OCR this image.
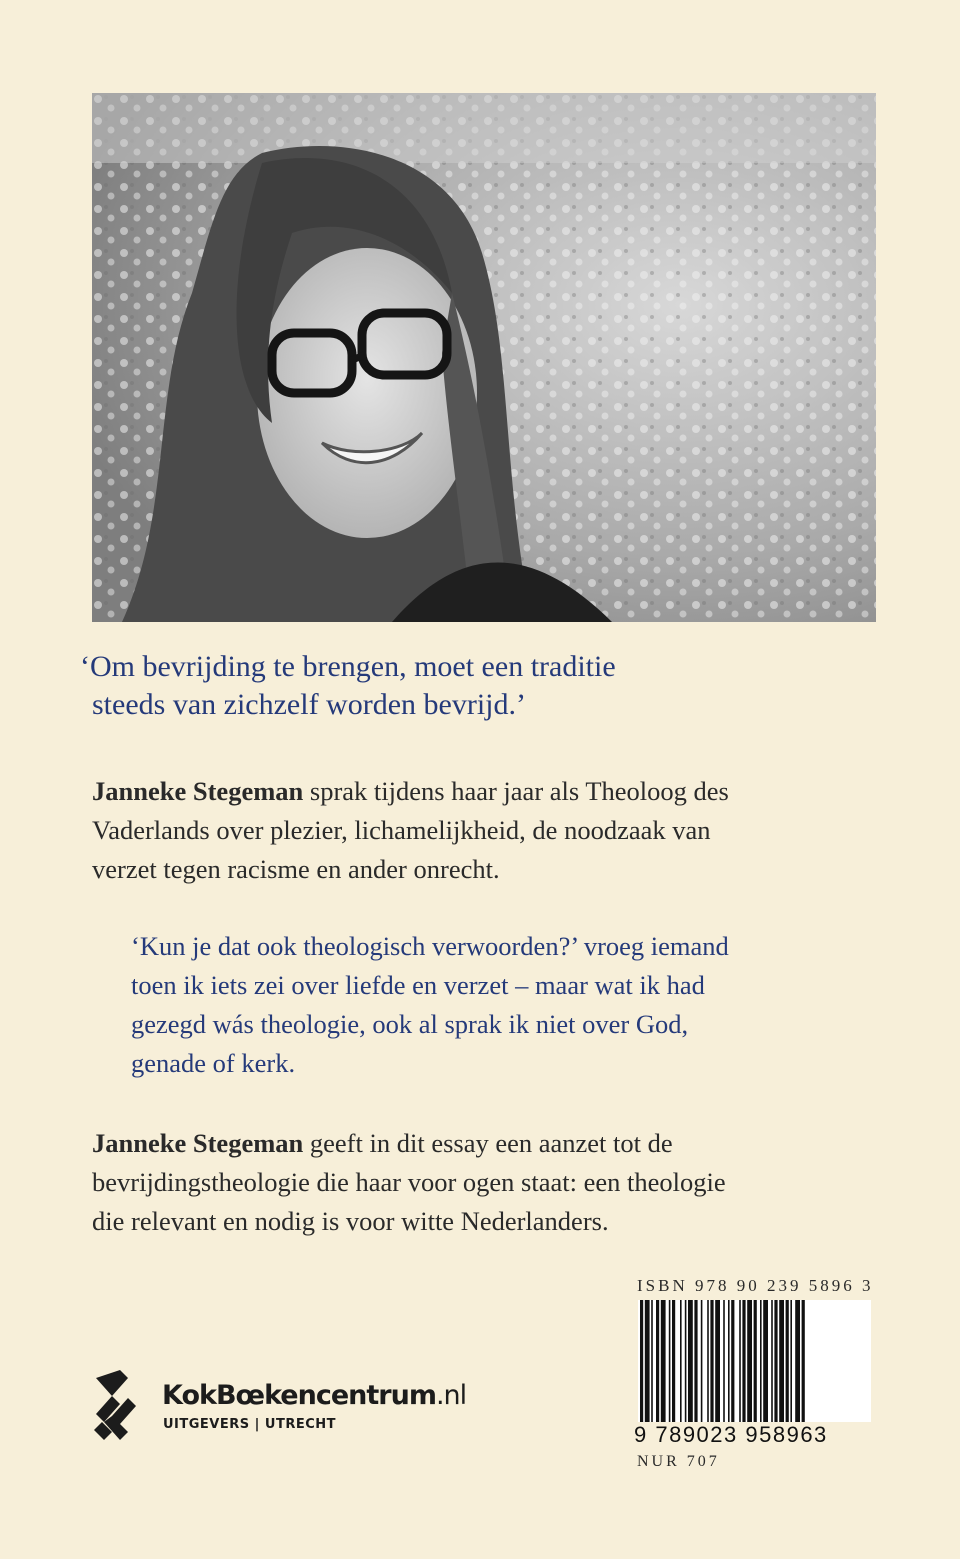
‘Om bevrijding te brengen, moet een traditie
steeds van zichzelf worden bevrijd.’

Janneke Stegeman sprak tijdens haar jaar als Theoloog des
Vaderlands over plezier, lichamelijkheid, de noodzaak van
verzet tegen racisme en ander onrecht.

‘Kun je dat ook theologisch verwoorden?’ vroeg iemand
toen ik iets zei over liefde en verzet – maar wat ik had
gezegd wás theologie, ook al sprak ik niet over God,
genade of kerk.

Janneke Stegeman geeft in dit essay een aanzet tot de
bevrijdingstheologie die haar voor ogen staat: een theologie
die relevant en nodig is voor witte Nederlanders.

KokBœkencentrum.nl
UITGEVERS | UTRECHT
ISBN 978 90 239 5896 3
9 789023 958963
NUR 707
